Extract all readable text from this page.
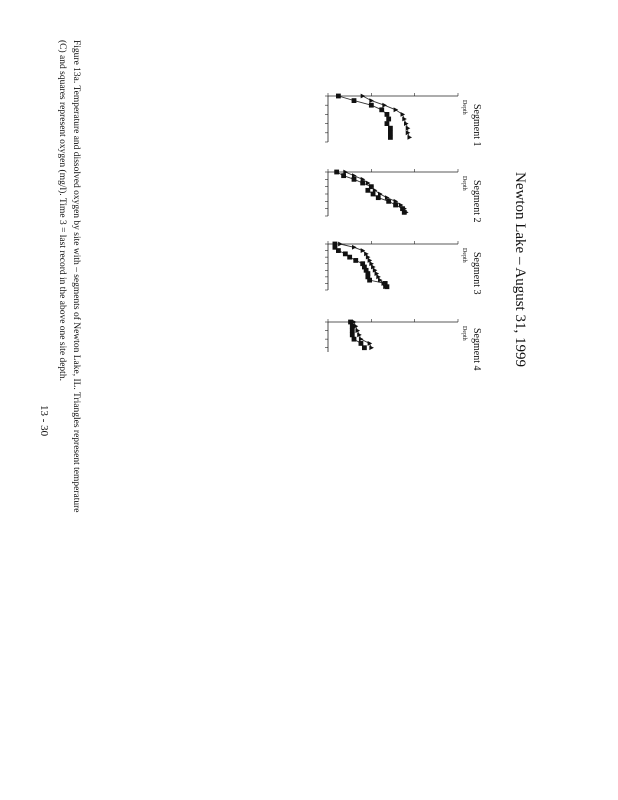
Figure 13a. Temperature and dissolved oxygen by site with – segments of Newton Lake, IL. Triangles represent temperature
(C) and squares represent oxygen (mg/l). Time 3 = last record in the above one site depth.	Newton Lake – August 31, 1999
13 - 30
Segment 1
Depth
Segment 2
Depth
Segment 3
Depth
Segment 4
Depth
